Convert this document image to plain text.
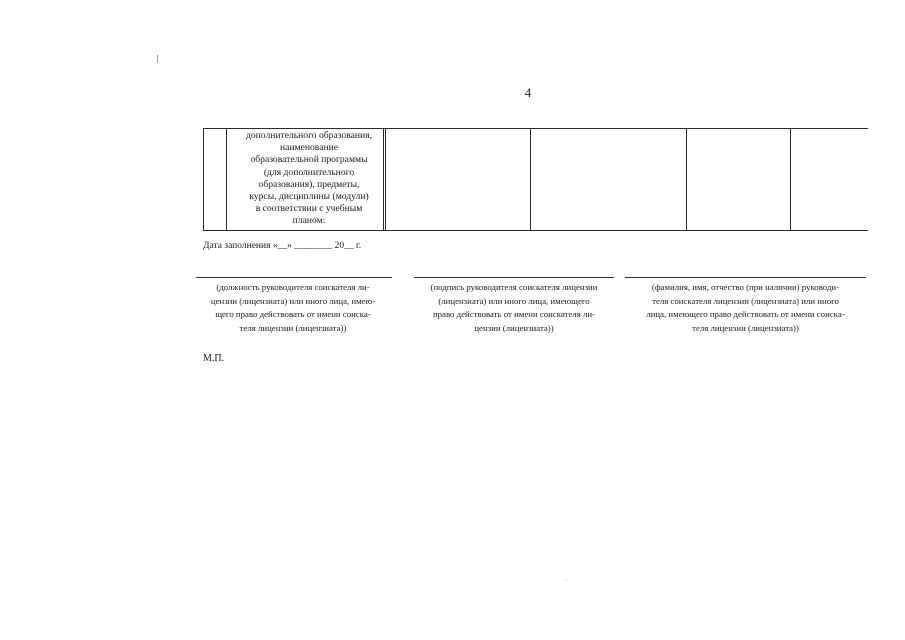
4
дополнительного образования,
наименование
образовательной программы
(для дополнительного
образования), предметы,
курсы, дисциплины (модули)
в соответствии с учебным
планом:
Дата заполнения «__» ________ 20__ г.
(должность руководителя соискателя ли-
цензии (лицензиата) или иного лица, имею-
щего право действовать от имени соиска-
теля лицензии (лицензиата))
(подпись руководителя соискателя лицензии
(лицензиата) или иного лица, имеющего
право действовать от имени соискателя ли-
цензии (лицензиата))
(фамилия, имя, отчество (при наличии) руководи-
теля соискателя лицензии (лицензиата) или иного
лица, имеющего право действовать от имени соиска-
теля лицензии (лицензиата))
М.П.
